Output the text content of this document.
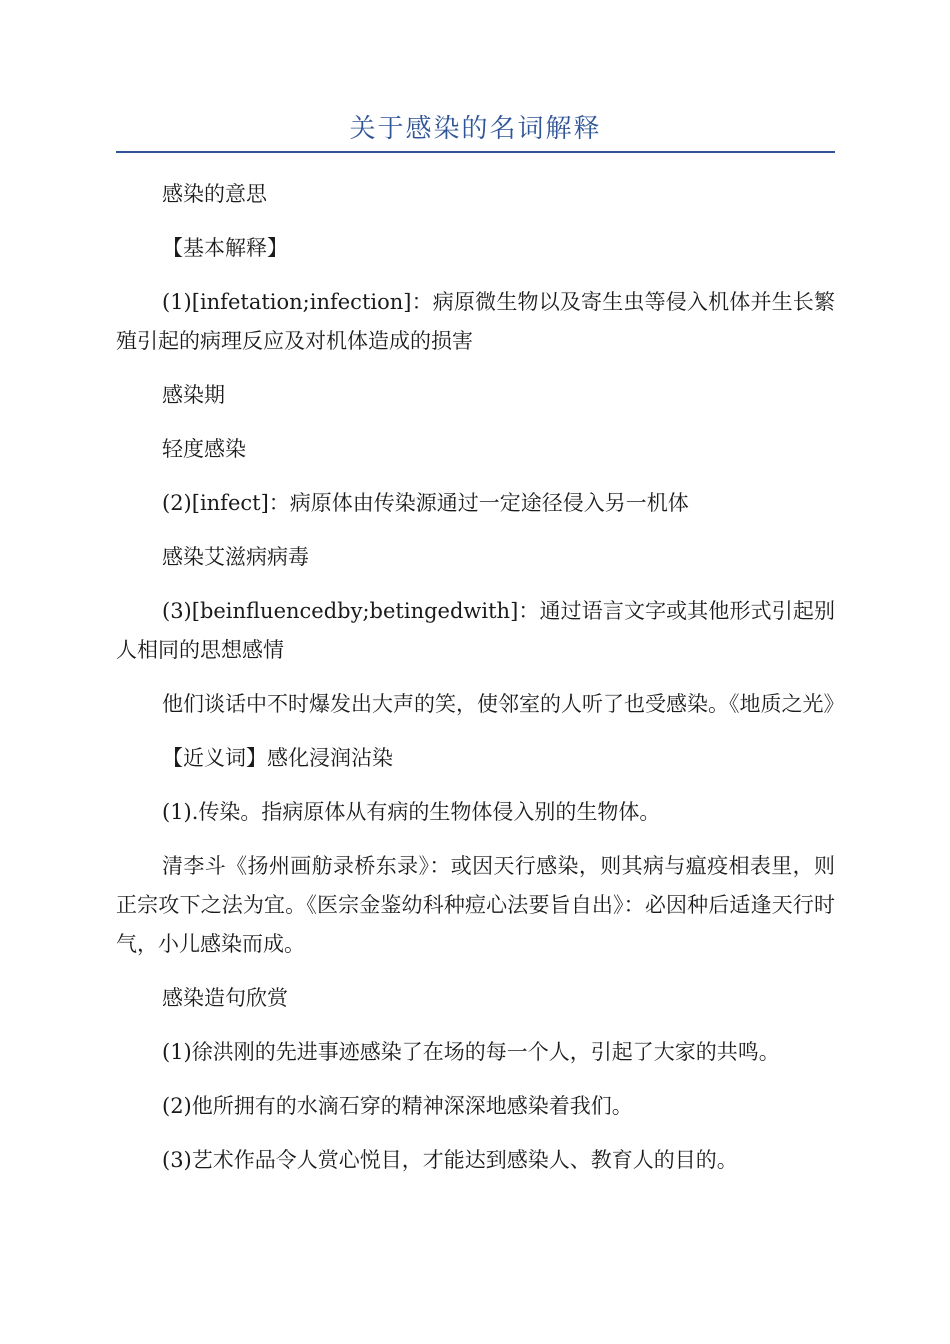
关于感染的名词解释

感染的意思

【基本解释】

(1)[infetation;infection]：病原微生物以及寄生虫等侵入机体并生长繁殖引起的病理反应及对机体造成的损害

感染期

轻度感染

(2)[infect]：病原体由传染源通过一定途径侵入另一机体

感染艾滋病病毒

(3)[beinfluencedby;betingedwith]：通过语言文字或其他形式引起别人相同的思想感情

他们谈话中不时爆发出大声的笑，使邻室的人听了也受感染。《地质之光》

【近义词】感化浸润沾染

(1).传染。指病原体从有病的生物体侵入别的生物体。

清李斗《扬州画舫录桥东录》：或因天行感染，则其病与瘟疫相表里，则正宗攻下之法为宜。《医宗金鉴幼科种痘心法要旨自出》：必因种后适逢天行时气，小儿感染而成。

感染造句欣赏

(1)徐洪刚的先进事迹感染了在场的每一个人，引起了大家的共鸣。

(2)他所拥有的水滴石穿的精神深深地感染着我们。

(3)艺术作品令人赏心悦目，才能达到感染人、教育人的目的。
